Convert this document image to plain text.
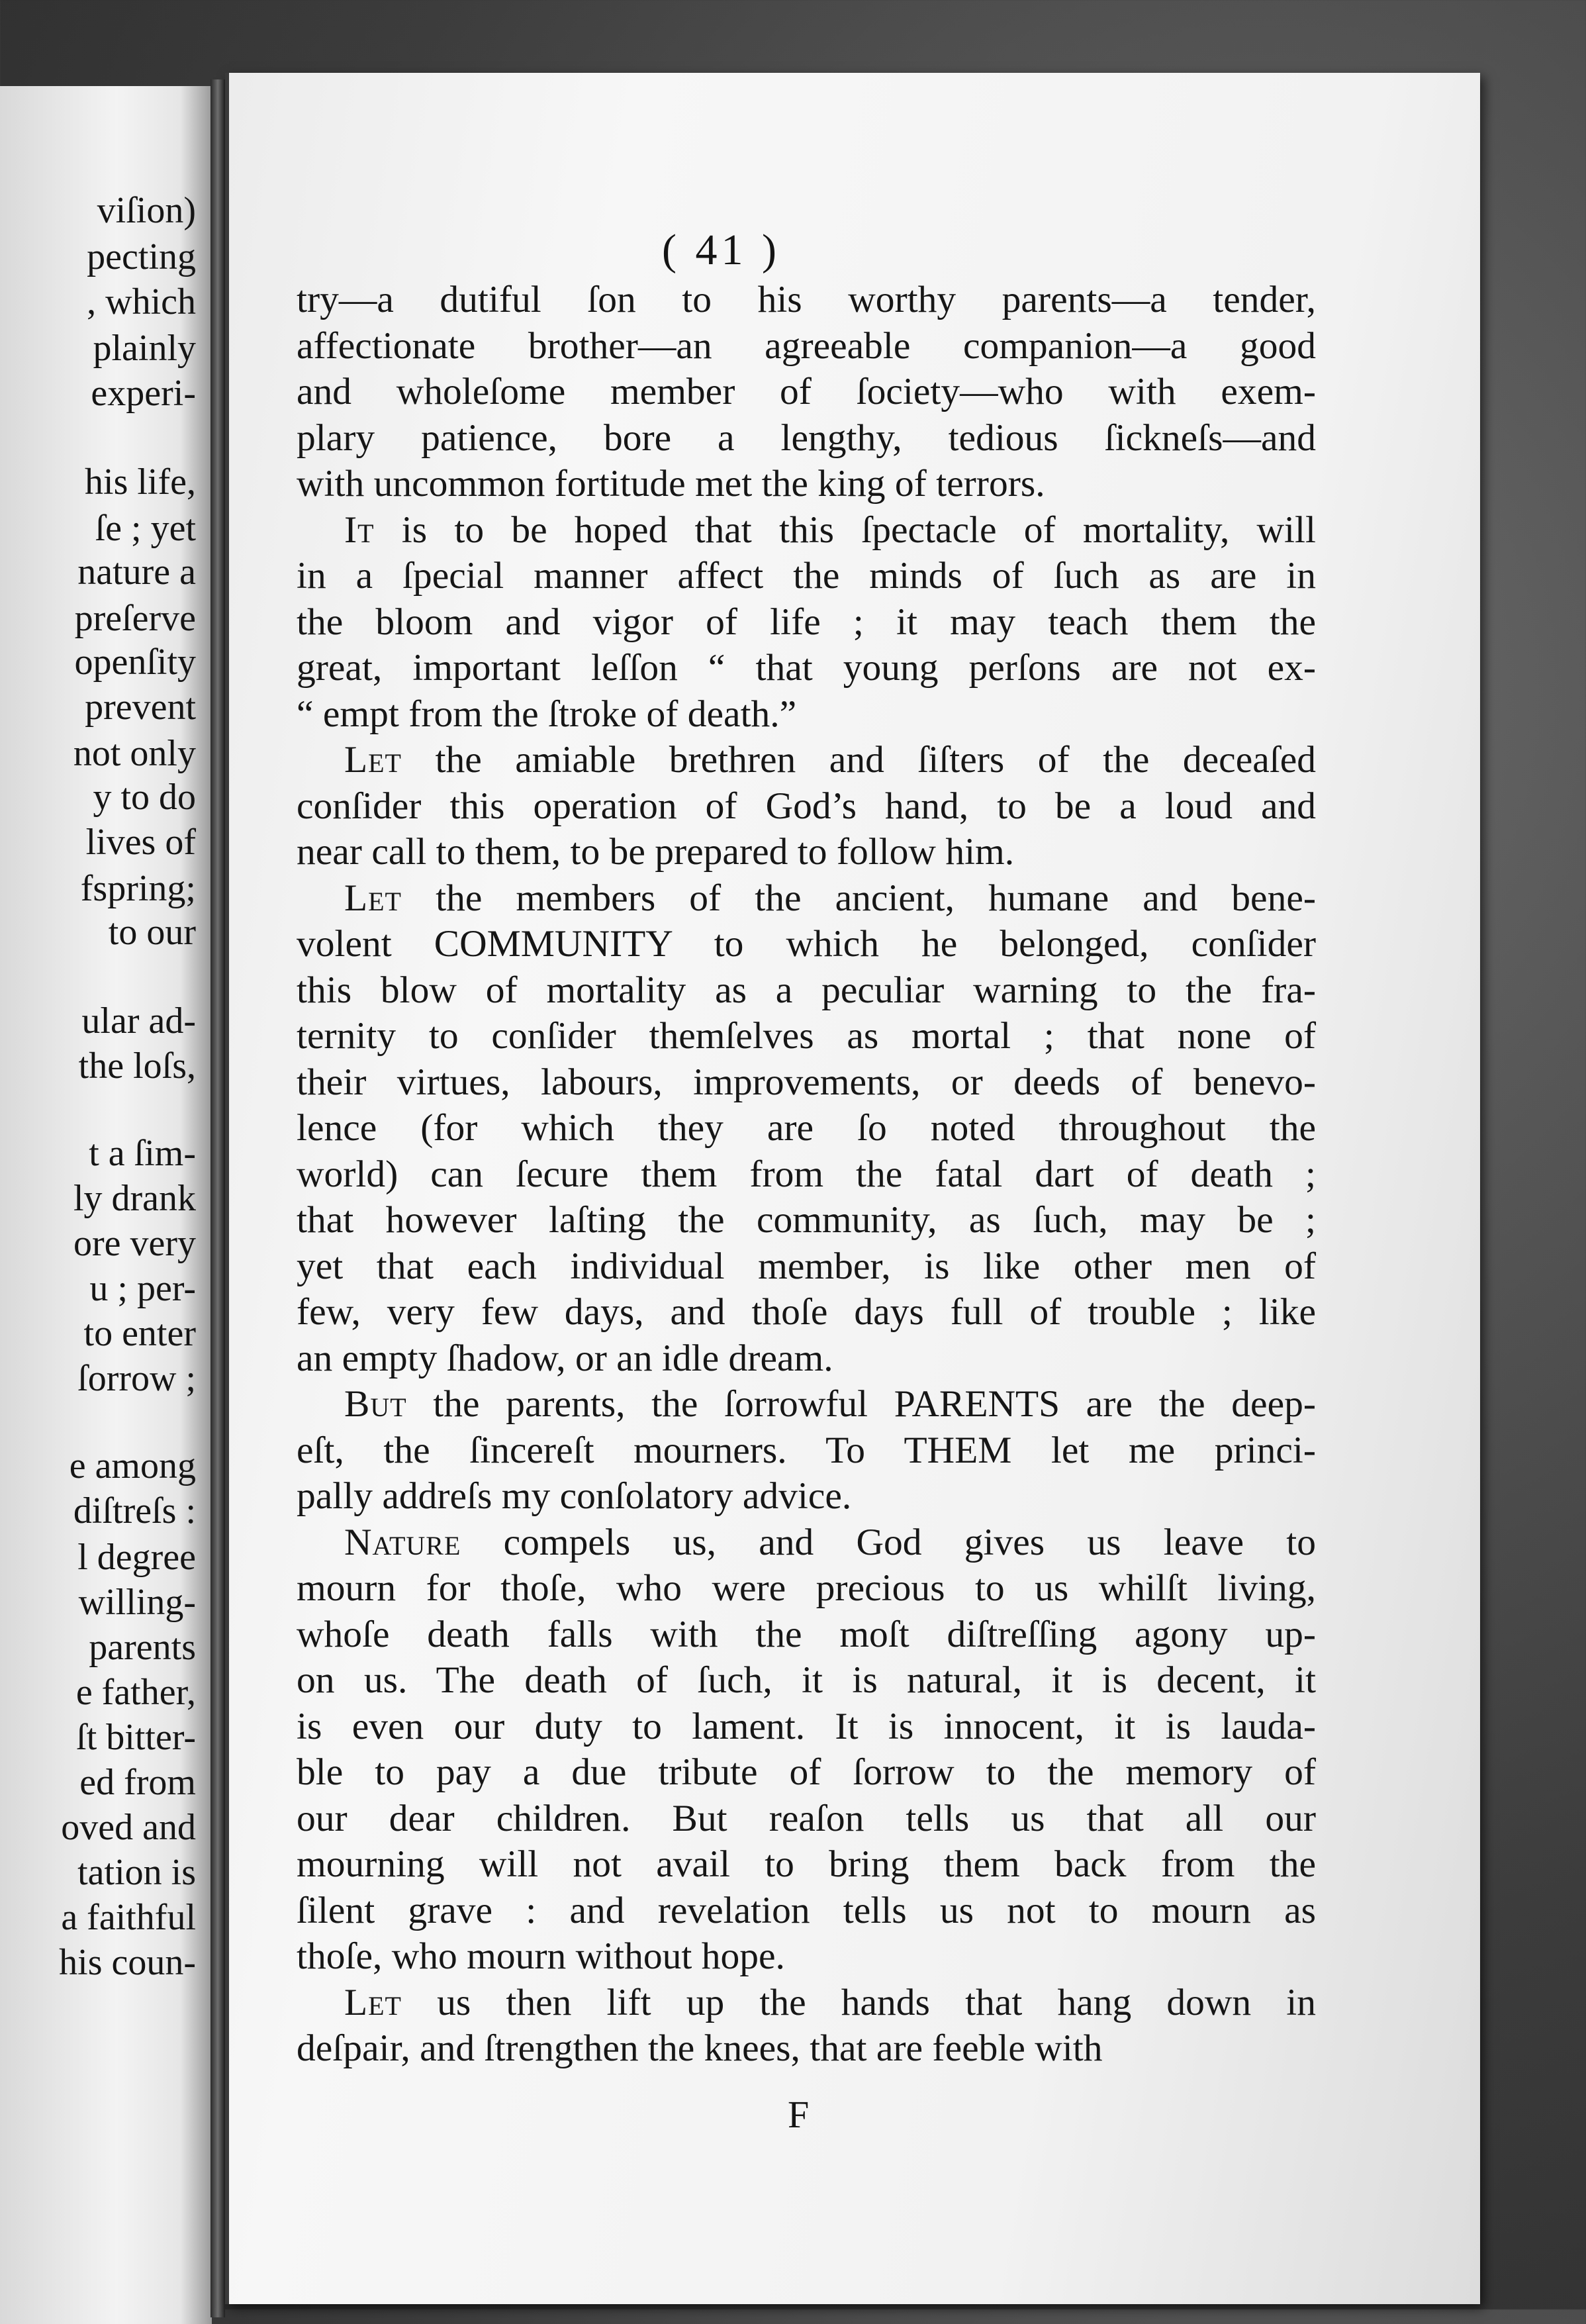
viſion)
pecting
, which
plainly
experi-
his life,
ſe ; yet
nature a
preſerve
openſity
prevent
not only
y to do
lives of
fspring;
to our
ular ad-
the loſs,
t a ſim-
ly drank
ore very
u ; per-
to enter
ſorrow ;
e among
diſtreſs :
l degree
willing-
parents
e father,
ſt bitter-
ed from
oved and
tation is
a faithful
his coun-
( 41 )
try—a dutiful ſon to his worthy parents—a tender,
affectionate brother—an agreeable companion—a good
and wholeſome member of ſociety—who with exem-
plary patience, bore a lengthy, tedious ſickneſs—and
with uncommon fortitude met the king of terrors.
It is to be hoped that this ſpectacle of mortality, will
in a ſpecial manner affect the minds of ſuch as are in
the bloom and vigor of life ; it may teach them the
great, important leſſon “ that young perſons are not ex-
“ empt from the ſtroke of death.”
Let the amiable brethren and ſiſters of the deceaſed
conſider this operation of God’s hand, to be a loud and
near call to them, to be prepared to follow him.
Let the members of the ancient, humane and bene-
volent COMMUNITY to which he belonged, conſider
this blow of mortality as a peculiar warning to the fra-
ternity to conſider themſelves as mortal ; that none of
their virtues, labours, improvements, or deeds of benevo-
lence (for which they are ſo noted throughout the
world) can ſecure them from the fatal dart of death ;
that however laſting the community, as ſuch, may be ;
yet that each individual member, is like other men of
few, very few days, and thoſe days full of trouble ; like
an empty ſhadow, or an idle dream.
But the parents, the ſorrowful PARENTS are the deep-
eſt, the ſincereſt mourners. To THEM let me princi-
pally addreſs my conſolatory advice.
Nature compels us, and God gives us leave to
mourn for thoſe, who were precious to us whilſt living,
whoſe death falls with the moſt diſtreſſing agony up-
on us. The death of ſuch, it is natural, it is decent, it
is even our duty to lament. It is innocent, it is lauda-
ble to pay a due tribute of ſorrow to the memory of
our dear children. But reaſon tells us that all our
mourning will not avail to bring them back from the
ſilent grave : and revelation tells us not to mourn as
thoſe, who mourn without hope.
Let us then lift up the hands that hang down in
deſpair, and ſtrengthen the knees, that are feeble with
F
